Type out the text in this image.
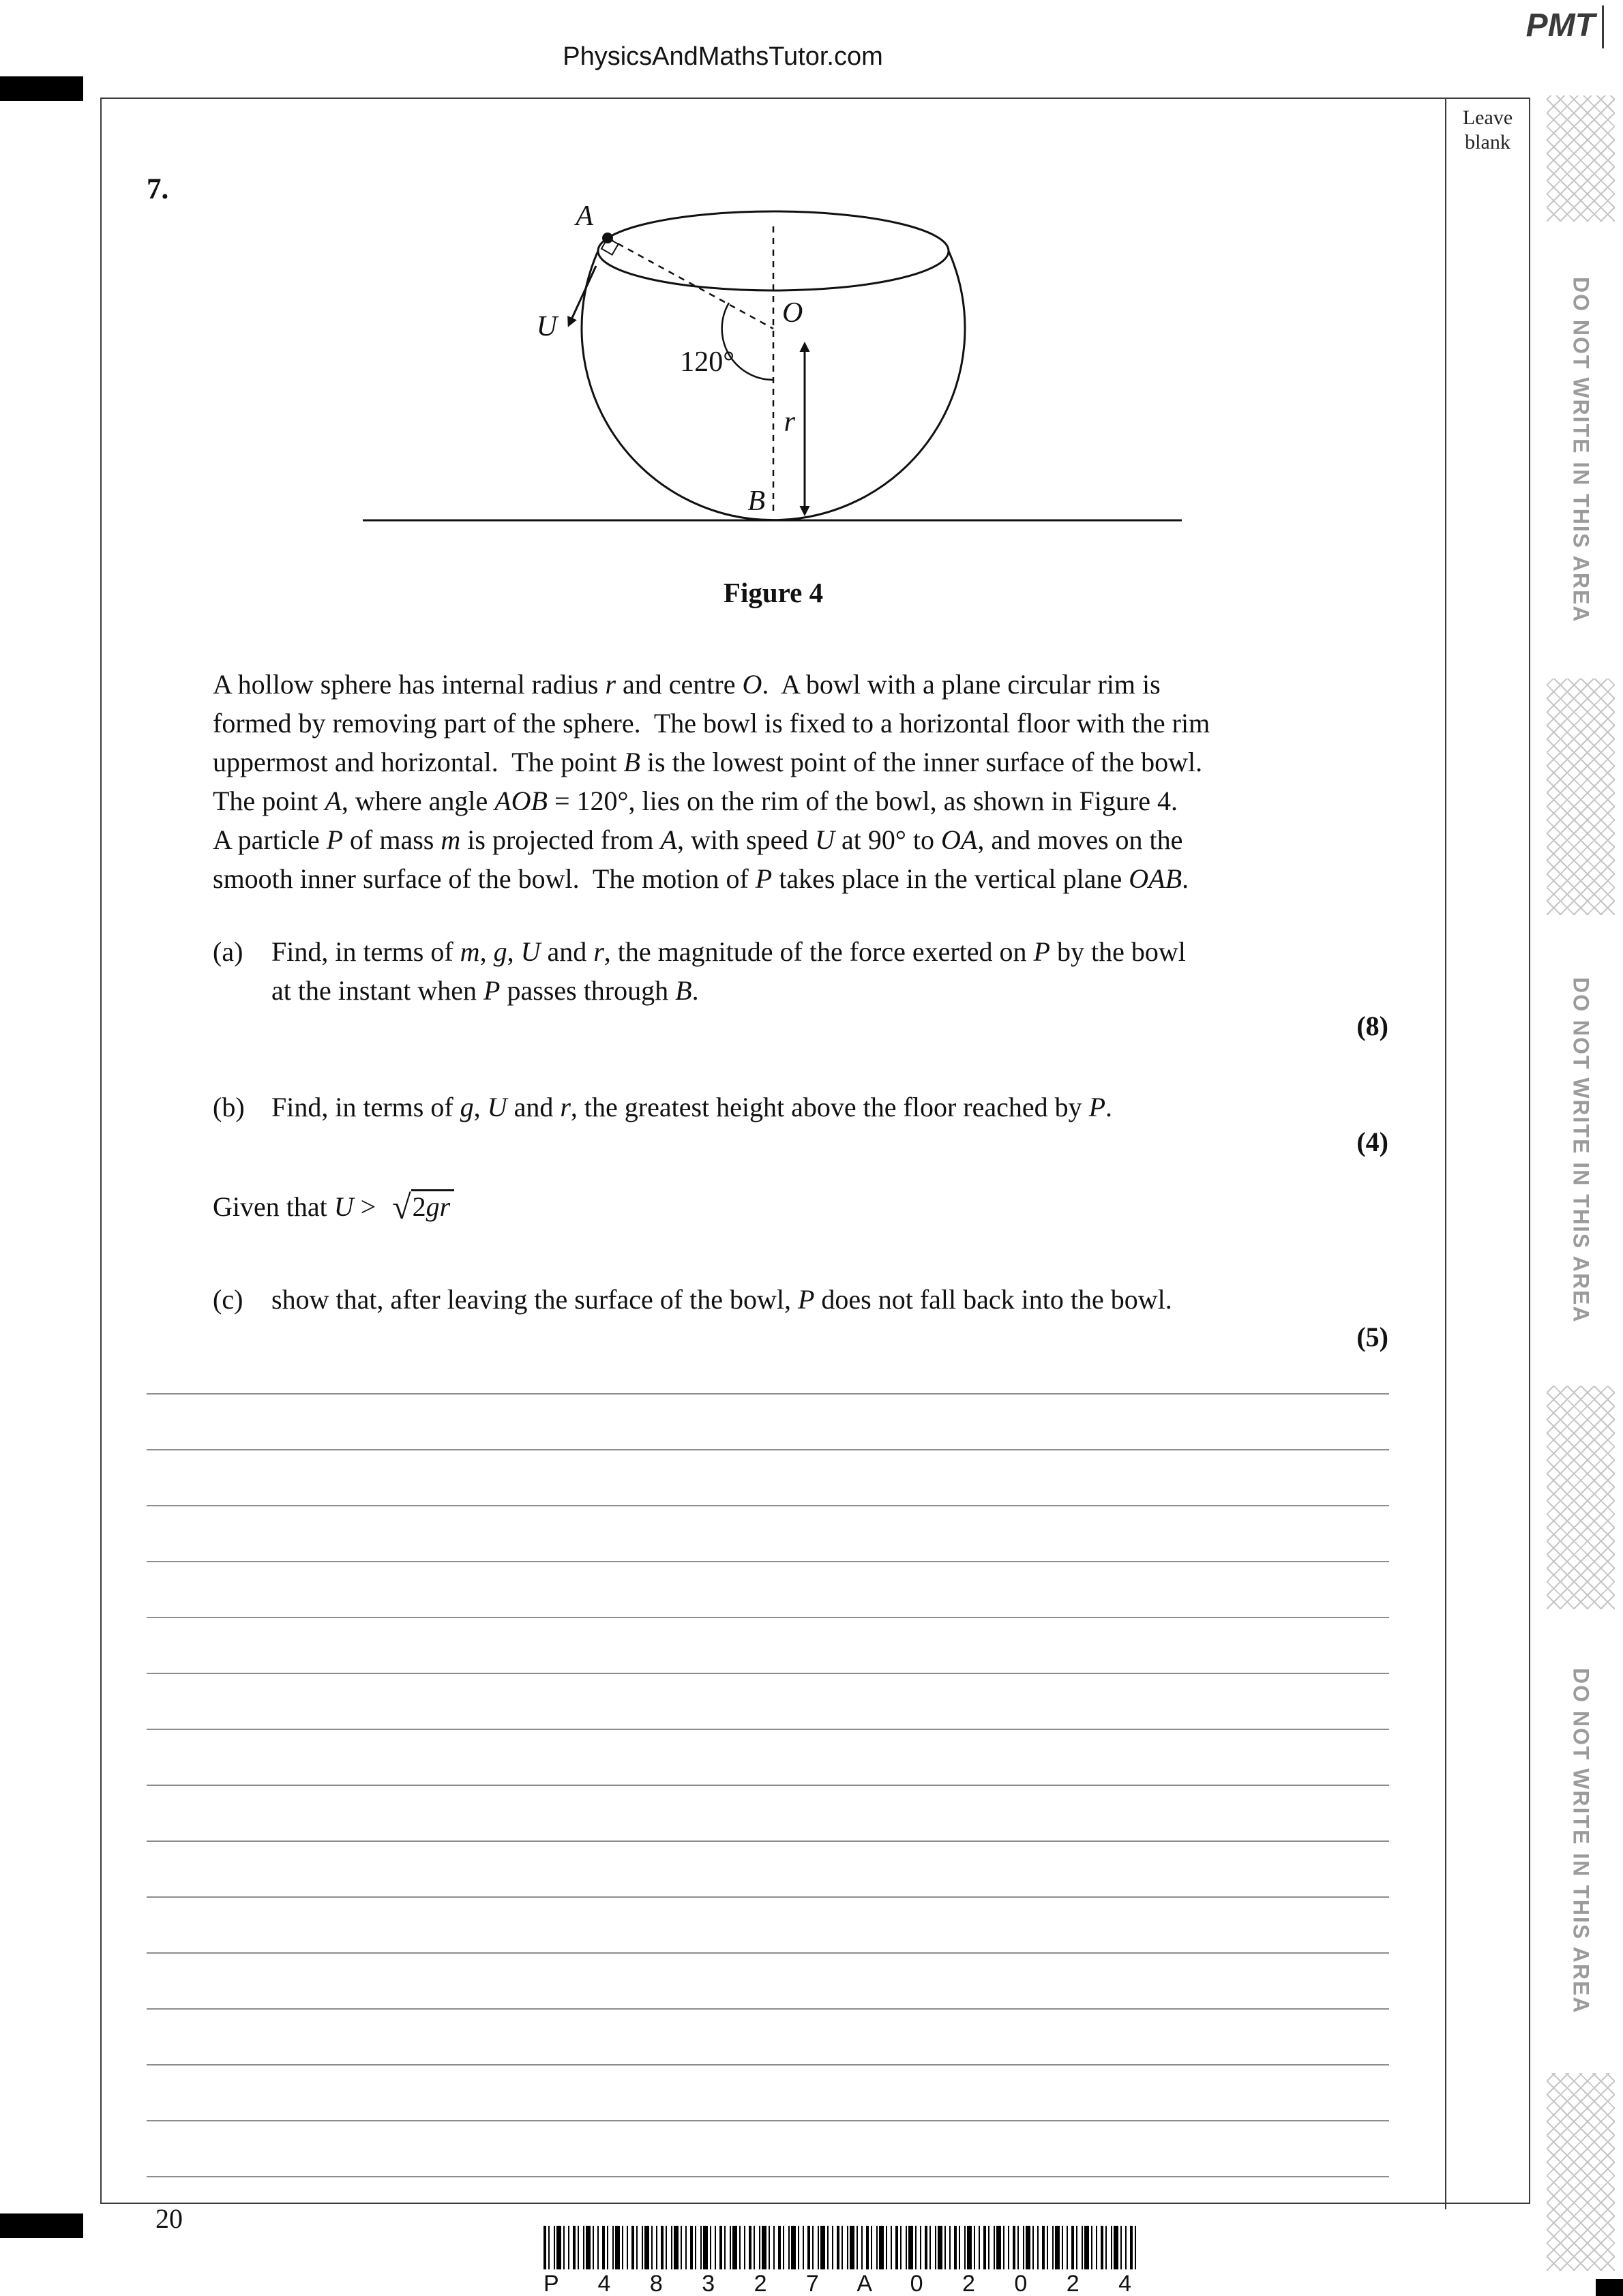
PhysicsAndMathsTutor.com
PMT
7.
A
U	O
120°
r
B
Figure 4
A hollow sphere has internal radius r and centre O.  A bowl with a plane circular rim is
formed by removing part of the sphere.  The bowl is fixed to a horizontal floor with the rim
uppermost and horizontal.  The point B is the lowest point of the inner surface of the bowl.
The point A, where angle AOB = 120°, lies on the rim of the bowl, as shown in Figure 4.
A particle P of mass m is projected from A, with speed U at 90° to OA, and moves on the
smooth inner surface of the bowl.  The motion of P takes place in the vertical plane OAB.
(a)	Find, in terms of m, g, U and r, the magnitude of the force exerted on P by the bowl
at the instant when P passes through B.
(8)
(b) Find, in terms of g, U and r, the greatest height above the floor reached by P.
(4)
Given that U > √2gr
(c)	show that, after leaving the surface of the bowl, P does not fall back into the bowl.
(5)
Leave
blank
DO NOT WRITE IN THIS AREA
DO NOT WRITE IN THIS AREA
DO NOT WRITE IN THIS AREA
20
P 4 8 3 2 7 A 0 2 0 2 4
